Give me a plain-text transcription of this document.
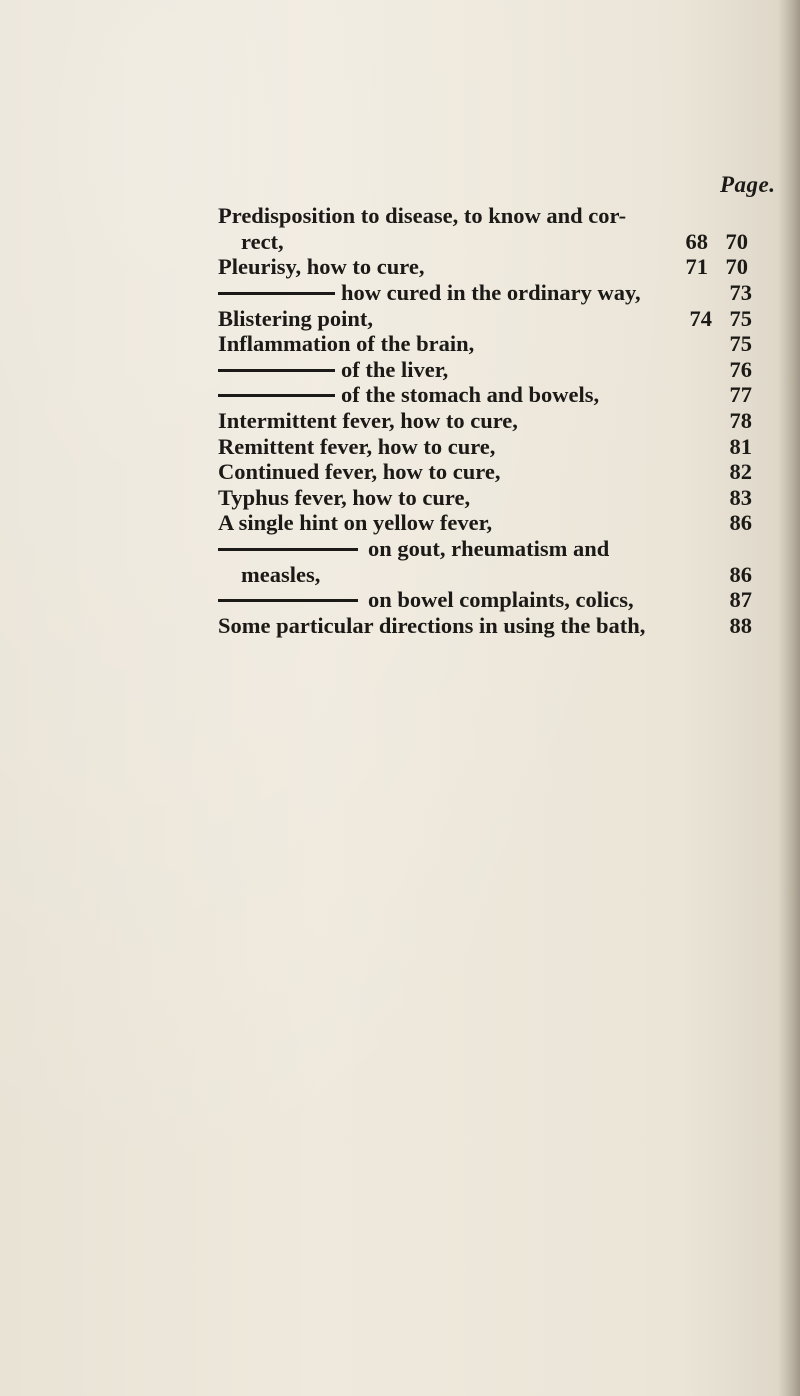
Page.
Predisposition to disease, to know and cor-
rect,	68 70
Pleurisy, how to cure,	71 70
how cured in the ordinary way,	73
Blistering point,	74 75
Inflammation of the brain,	75
of the liver,	76
of the stomach and bowels,	77
Intermittent fever, how to cure,	78
Remittent fever, how to cure,	81
Continued fever, how to cure,	82
Typhus fever, how to cure,	83
A single hint on yellow fever,	86
on gout, rheumatism and
measles,	86
on bowel complaints, colics,	87
Some particular directions in using the bath,	88
